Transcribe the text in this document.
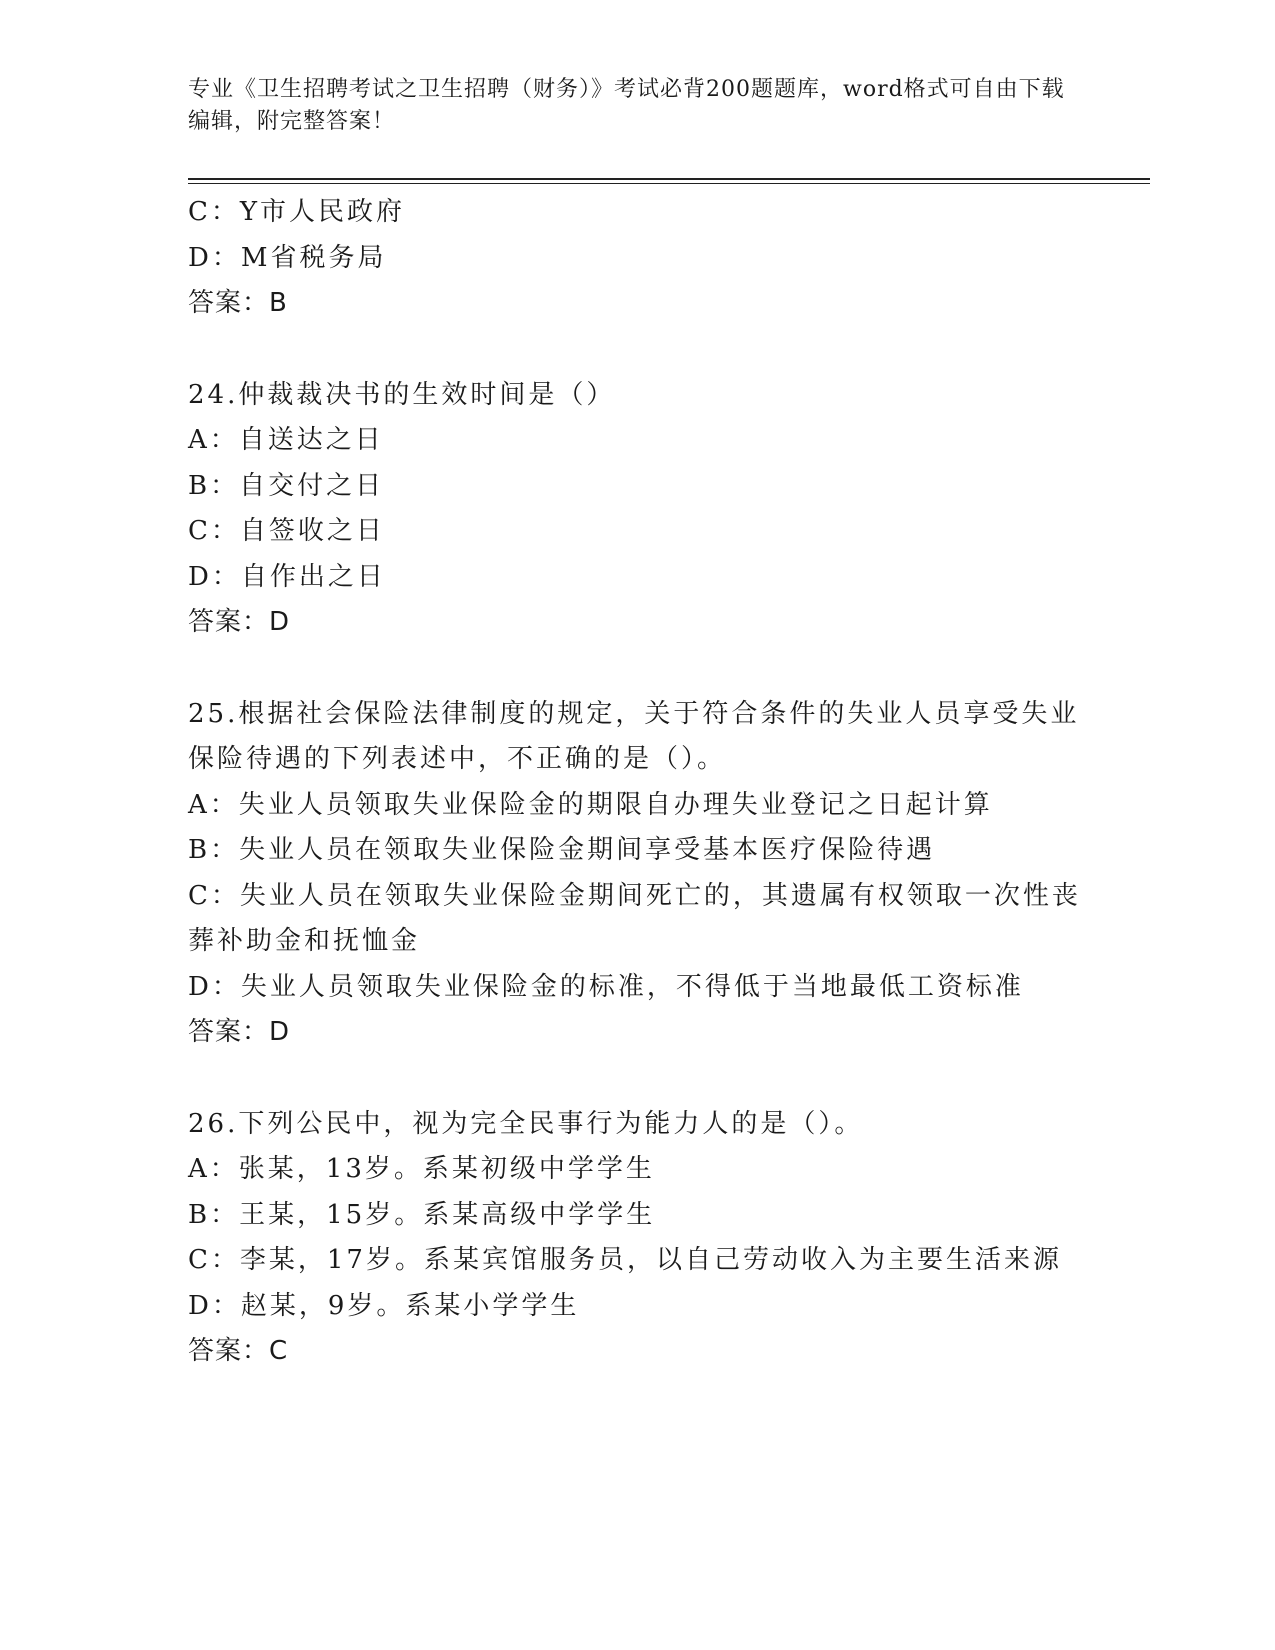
专业《卫生招聘考试之卫生招聘（财务）》考试必背200题题库，word格式可自由下载编辑，附完整答案！
C：Y市人民政府
D：M省税务局
答案：B
24.仲裁裁决书的生效时间是（）
A：自送达之日
B：自交付之日
C：自签收之日
D：自作出之日
答案：D
25.根据社会保险法律制度的规定，关于符合条件的失业人员享受失业保险待遇的下列表述中，不正确的是（）。
A：失业人员领取失业保险金的期限自办理失业登记之日起计算
B：失业人员在领取失业保险金期间享受基本医疗保险待遇
C：失业人员在领取失业保险金期间死亡的，其遗属有权领取一次性丧葬补助金和抚恤金
D：失业人员领取失业保险金的标准，不得低于当地最低工资标准
答案：D
26.下列公民中，视为完全民事行为能力人的是（）。
A：张某，13岁。系某初级中学学生
B：王某，15岁。系某高级中学学生
C：李某，17岁。系某宾馆服务员，以自己劳动收入为主要生活来源
D：赵某，9岁。系某小学学生
答案：C
